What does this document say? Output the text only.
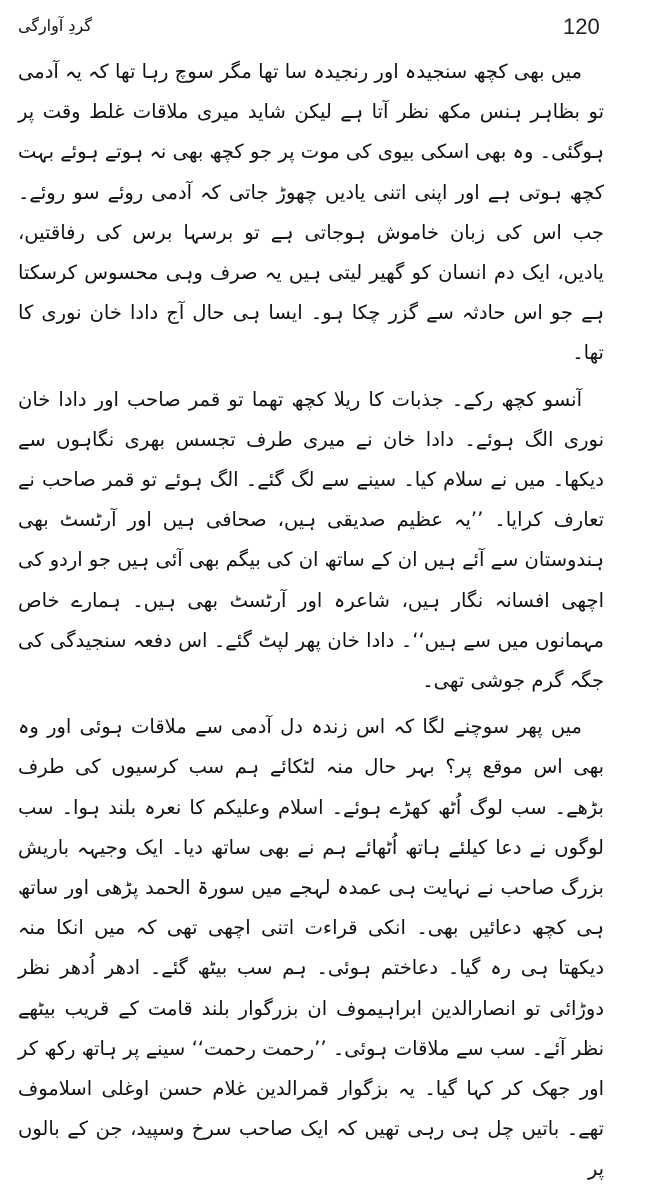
120
گردِ آوارگی

میں بھی کچھ سنجیدہ اور رنجیدہ سا تھا مگر سوچ رہا تھا کہ یہ آدمی تو بظاہر ہنس مکھ نظر آتا ہے لیکن شاید میری ملاقات غلط وقت پر ہوگئی۔ وہ بھی اسکی بیوی کی موت پر جو کچھ بھی نہ ہوتے ہوئے بہت کچھ ہوتی ہے اور اپنی اتنی یادیں چھوڑ جاتی کہ آدمی روئے سو روئے۔ جب اس کی زبان خاموش ہوجاتی ہے تو برسہا برس کی رفاقتیں، یادیں، ایک دم انسان کو گھیر لیتی ہیں یہ صرف وہی محسوس کرسکتا ہے جو اس حادثہ سے گزر چکا ہو۔ ایسا ہی حال آج دادا خان نوری کا تھا۔

آنسو کچھ رکے۔ جذبات کا ریلا کچھ تھما تو قمر صاحب اور دادا خان نوری الگ ہوئے۔ دادا خان نے میری طرف تجسس بھری نگاہوں سے دیکھا۔ میں نے سلام کیا۔ سینے سے لگ گئے۔ الگ ہوئے تو قمر صاحب نے تعارف کرایا۔ ’’یہ عظیم صدیقی ہیں، صحافی ہیں اور آرٹسٹ بھی ہندوستان سے آئے ہیں ان کے ساتھ ان کی بیگم بھی آئی ہیں جو اردو کی اچھی افسانہ نگار ہیں، شاعرہ اور آرٹسٹ بھی ہیں۔ ہمارے خاص مہمانوں میں سے ہیں‘‘۔ دادا خان پھر لپٹ گئے۔ اس دفعہ سنجیدگی کی جگہ گرم جوشی تھی۔

میں پھر سوچنے لگا کہ اس زندہ دل آدمی سے ملاقات ہوئی اور وہ بھی اس موقع پر؟ بہر حال منہ لٹکائے ہم سب کرسیوں کی طرف بڑھے۔ سب لوگ اُٹھ کھڑے ہوئے۔ اسلام وعلیکم کا نعرہ بلند ہوا۔ سب لوگوں نے دعا کیلئے ہاتھ اُٹھائے ہم نے بھی ساتھ دیا۔ ایک وجیہہ باریش بزرگ صاحب نے نہایت ہی عمدہ لہجے میں سورۃ الحمد پڑھی اور ساتھ ہی کچھ دعائیں بھی۔ انکی قراءت اتنی اچھی تھی کہ میں انکا منہ دیکھتا ہی رہ گیا۔ دعاختم ہوئی۔ ہم سب بیٹھ گئے۔ ادھر اُدھر نظر دوڑائی تو انصارالدین ابراہیموف ان بزرگوار بلند قامت کے قریب بیٹھے نظر آئے۔ سب سے ملاقات ہوئی۔ ’’رحمت رحمت‘‘ سینے پر ہاتھ رکھ کر اور جھک کر کہا گیا۔ یہ بزگوار قمرالدین غلام حسن اوغلی اسلاموف تھے۔ باتیں چل ہی رہی تھیں کہ ایک صاحب سرخ وسپید، جن کے بالوں پر
